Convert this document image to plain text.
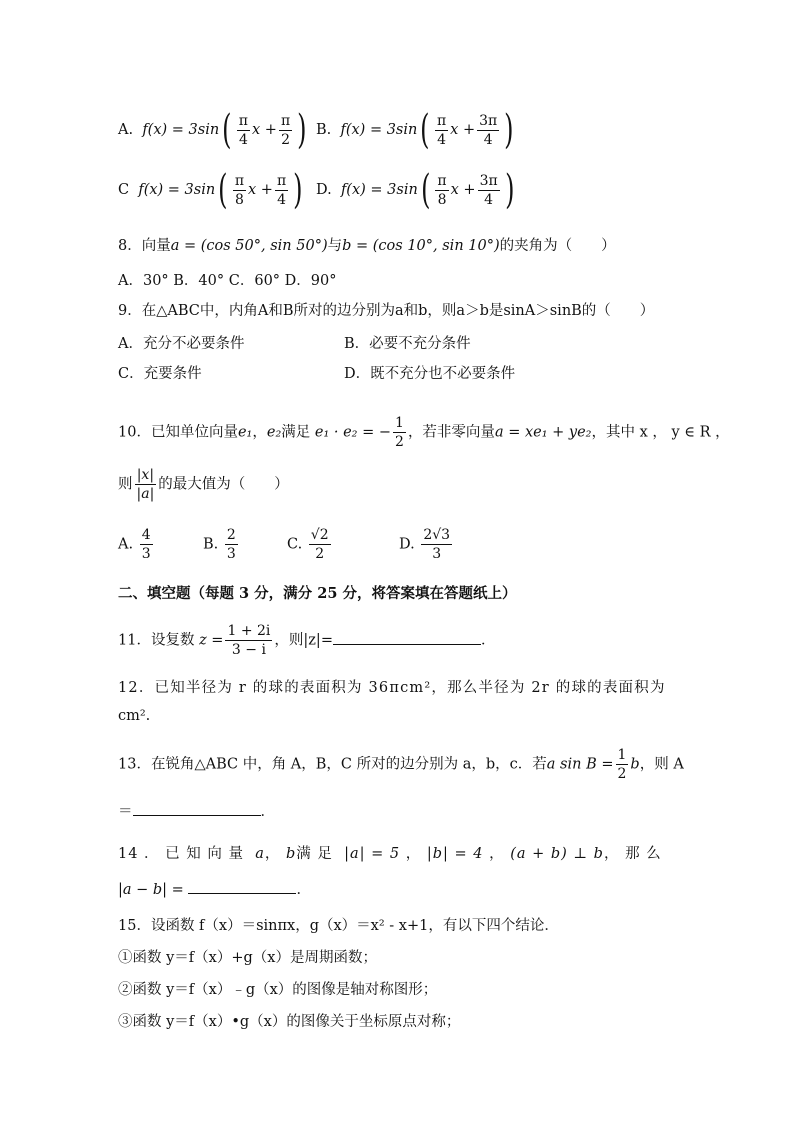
A. $f(x) = 3\sin( \frac{\pi}{4}$ $x + \frac{\pi}{2}$ ) B. $f(x) = 3\sin( \frac{\pi}{4}$ $x + \frac{3\pi}{4}$ )
C $f(x) = 3\sin( \frac{\pi}{8}$ $x + \frac{\pi}{4}$ ) D. $f(x) = 3\sin( \frac{\pi}{8}$ $x + \frac{3\pi}{4}$ )
8．向量a = (cos 50°, sin 50°)与b = (cos 10°, sin 10°)的夹角为（　　）
A．30° B．40° C．60° D．90°
9．在△ABC中，内角A和B所对的边分别为a和b，则a＞b是sinA＞sinB的（　　）
A．充分不必要条件	B．必要不充分条件
C．充要条件	D．既不充分也不必要条件
10．已知单位向量e₁，e₂满足 e₁ · e₂ = − $\frac{1}{2}$ ，若非零向量a = xe₁ + ye₂，其中 x ， y ∈ R ，
则 $\frac{|x|}{|a|}$ 的最大值为（　　）
A. $\frac{4}{3}$	B. $\frac{2}{3}$	C. $\frac{√2}{2}$	D. $\frac{2√3}{3}$
二、填空题（每题 3 分，满分 25 分，将答案填在答题纸上）
11．设复数 $z = \frac{1 + 2i}{3 - i}$ ，则|z|=	．
12．已知半径为 r 的球的表面积为 36πcm²，那么半径为 2r 的球的表面积为
cm².
13．在锐角△ABC 中，角 A，B，C 所对的边分别为 a，b，c．若a $\sin B = \frac{1}{2}$ b，则 A
＝	．
14 ． 已 知 向 量 a， b满 足 |a| = 5 ， |b| = 4 ， (a + b) ⊥ b， 那 么
|a − b| =	．
15．设函数 f（x）＝sinπx，g（x）＝x² - x+1，有以下四个结论．
①函数 y＝f（x）+g（x）是周期函数；
②函数 y＝f（x）﹣g（x）的图像是轴对称图形；
③函数 y＝f（x）•g（x）的图像关于坐标原点对称；
